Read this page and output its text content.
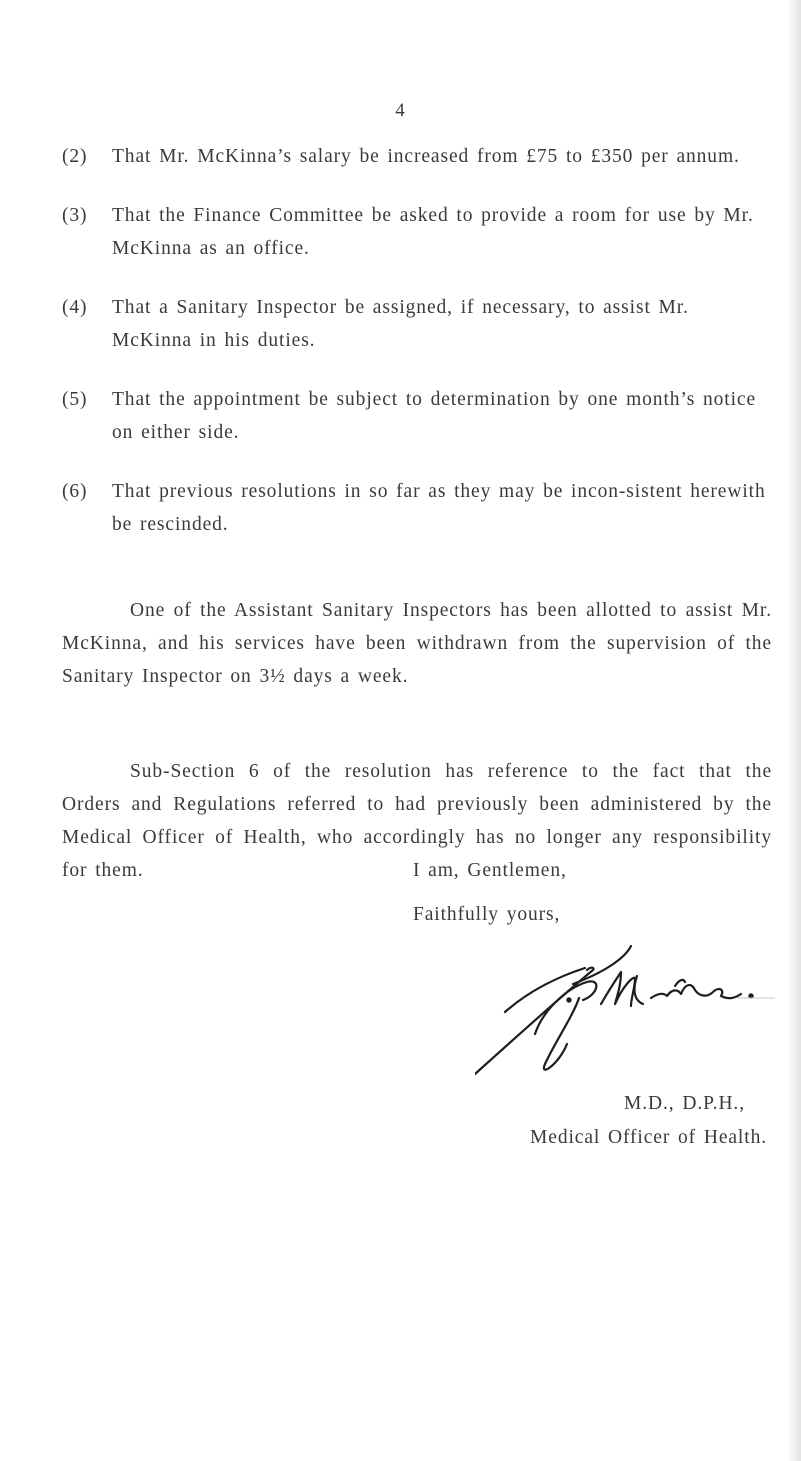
4
(2)	That Mr. McKinna’s salary be increased from £75 to £350 per annum.
(3)	That the Finance Committee be asked to provide a room for use by Mr. McKinna as an office.
(4)	That a Sanitary Inspector be assigned, if necessary, to assist Mr. McKinna in his duties.
(5)	That the appointment be subject to determination by one month’s notice on either side.
(6)	That previous resolutions in so far as they may be incon-sistent herewith be rescinded.

One of the Assistant Sanitary Inspectors has been allotted to assist Mr. McKinna, and his services have been withdrawn from the supervision of the Sanitary Inspector on 3½ days a week.

Sub-Section 6 of the resolution has reference to the fact that the Orders and Regulations referred to had previously been administered by the Medical Officer of Health, who accordingly has no longer any responsibility for them.	I am, Gentlemen,

Faithfully yours,

M.D., D.P.H.,

Medical Officer of Health.
